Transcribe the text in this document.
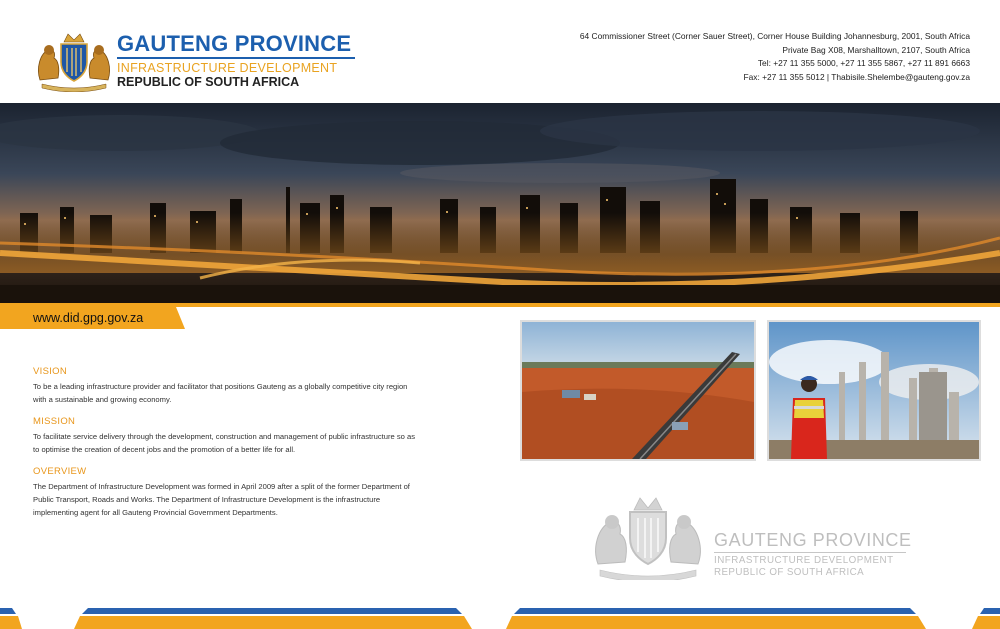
GAUTENG PROVINCE
INFRASTRUCTURE DEVELOPMENT
REPUBLIC OF SOUTH AFRICA
64 Commissioner Street (Corner Sauer Street), Corner House Building Johannesburg, 2001, South Africa
Private Bag X08, Marshalltown, 2107, South Africa
Tel: +27 11 355 5000, +27 11 355 5867, +27 11 891 6663
Fax: +27 11 355 5012 | Thabisile.Shelembe@gauteng.gov.za
www.did.gpg.gov.za
VISION

To be a leading infrastructure provider and facilitator that positions Gauteng as a globally competitive city region with a sustainable and growing economy.

MISSION

To facilitate service delivery through the development, construction and management of public infrastructure so as to optimise the creation of decent jobs and the promotion of a better life for all.

OVERVIEW

The Department of Infrastructure Development was formed in April 2009 after a split of the former Department of Public Transport, Roads and Works. The Department of Infrastructure Development is the infrastructure implementing agent for all Gauteng Provincial Government Departments.

GAUTENG PROVINCE
INFRASTRUCTURE DEVELOPMENT
REPUBLIC OF SOUTH AFRICA
